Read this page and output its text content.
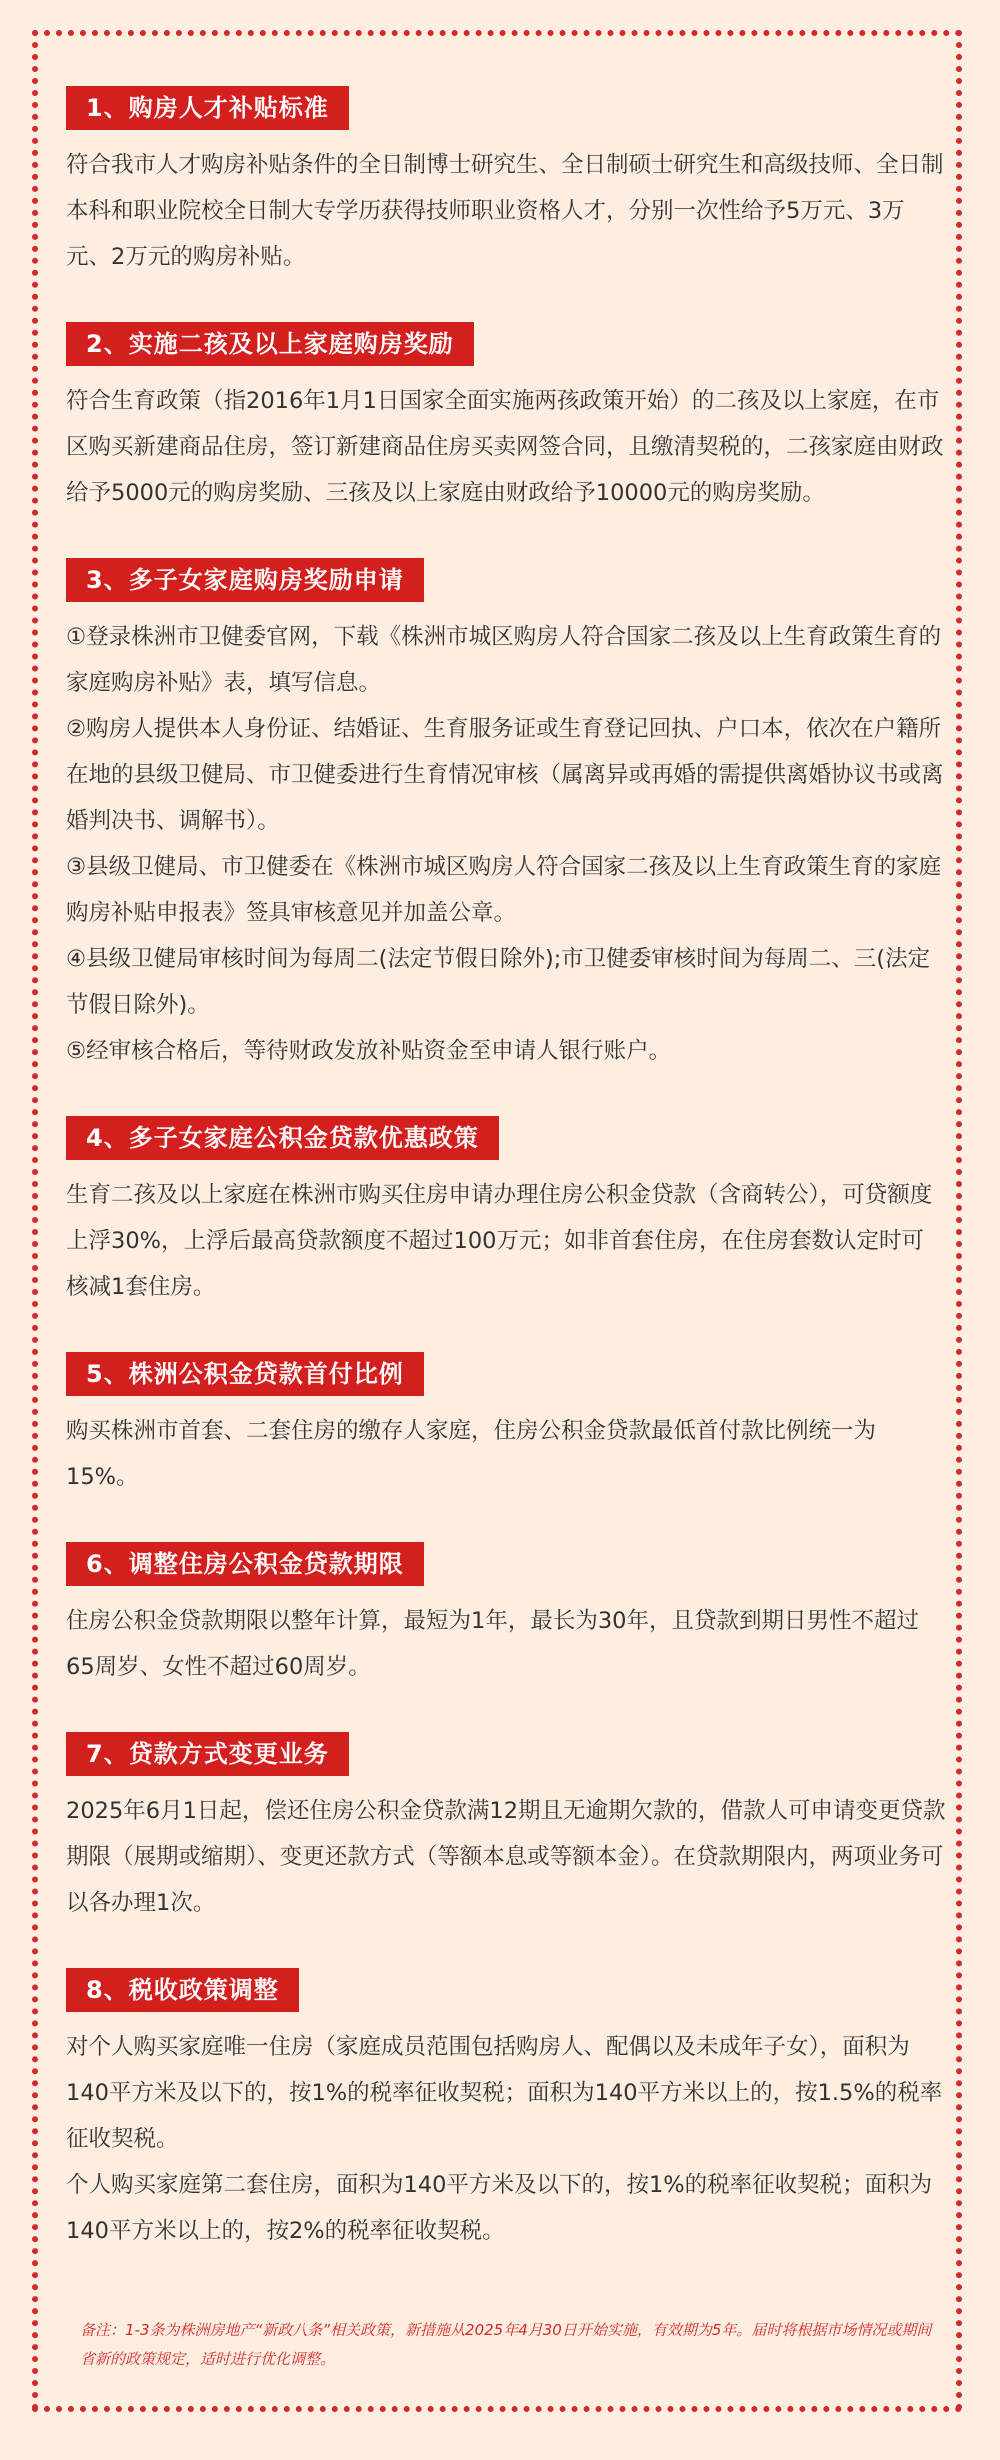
1、购房人才补贴标准

符合我市人才购房补贴条件的全日制博士研究生、全日制硕士研究生和高级技师、全日制本科和职业院校全日制大专学历获得技师职业资格人才，分别一次性给予5万元、3万元、2万元的购房补贴。

2、实施二孩及以上家庭购房奖励

符合生育政策（指2016年1月1日国家全面实施两孩政策开始）的二孩及以上家庭，在市区购买新建商品住房，签订新建商品住房买卖网签合同，且缴清契税的，二孩家庭由财政给予5000元的购房奖励、三孩及以上家庭由财政给予10000元的购房奖励。

3、多子女家庭购房奖励申请

①登录株洲市卫健委官网，下载《株洲市城区购房人符合国家二孩及以上生育政策生育的家庭购房补贴》表，填写信息。

②购房人提供本人身份证、结婚证、生育服务证或生育登记回执、户口本，依次在户籍所在地的县级卫健局、市卫健委进行生育情况审核（属离异或再婚的需提供离婚协议书或离婚判决书、调解书）。

③县级卫健局、市卫健委在《株洲市城区购房人符合国家二孩及以上生育政策生育的家庭购房补贴申报表》签具审核意见并加盖公章。

④县级卫健局审核时间为每周二(法定节假日除外);市卫健委审核时间为每周二、三(法定节假日除外)。

⑤经审核合格后，等待财政发放补贴资金至申请人银行账户。

4、多子女家庭公积金贷款优惠政策

生育二孩及以上家庭在株洲市购买住房申请办理住房公积金贷款（含商转公），可贷额度上浮30%，上浮后最高贷款额度不超过100万元；如非首套住房，在住房套数认定时可核减1套住房。

5、株洲公积金贷款首付比例

购买株洲市首套、二套住房的缴存人家庭，住房公积金贷款最低首付款比例统一为15%。

6、调整住房公积金贷款期限

住房公积金贷款期限以整年计算，最短为1年，最长为30年，且贷款到期日男性不超过65周岁、女性不超过60周岁。

7、贷款方式变更业务

2025年6月1日起，偿还住房公积金贷款满12期且无逾期欠款的，借款人可申请变更贷款期限（展期或缩期）、变更还款方式（等额本息或等额本金）。在贷款期限内，两项业务可以各办理1次。

8、税收政策调整

对个人购买家庭唯一住房（家庭成员范围包括购房人、配偶以及未成年子女），面积为140平方米及以下的，按1%的税率征收契税；面积为140平方米以上的，按1.5%的税率征收契税。

个人购买家庭第二套住房，面积为140平方米及以下的，按1%的税率征收契税；面积为140平方米以上的，按2%的税率征收契税。

备注：1-3条为株洲房地产“新政八条”相关政策，新措施从2025年4月30日开始实施，有效期为5年。届时将根据市场情况或期间省新的政策规定，适时进行优化调整。
